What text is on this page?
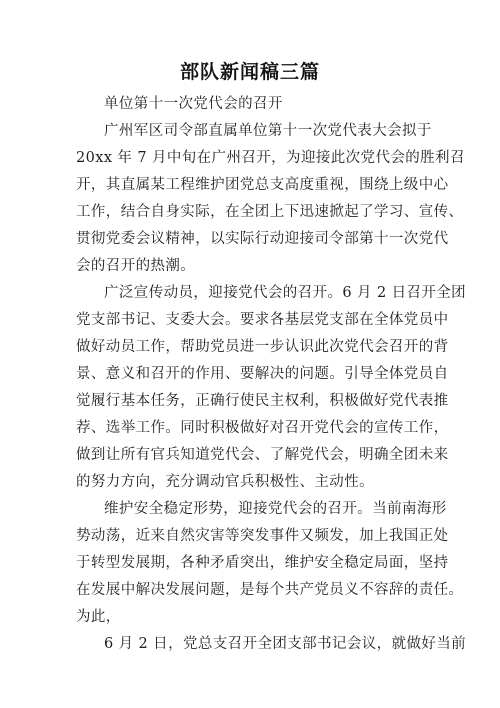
部队新闻稿三篇
单位第十一次党代会的召开
广州军区司令部直属单位第十一次党代表大会拟于
20xx 年 7 月中旬在广州召开，为迎接此次党代会的胜利召
开，其直属某工程维护团党总支高度重视，围绕上级中心
工作，结合自身实际，在全团上下迅速掀起了学习、宣传、
贯彻党委会议精神，以实际行动迎接司令部第十一次党代
会的召开的热潮。
广泛宣传动员，迎接党代会的召开。6 月 2 日召开全团
党支部书记、支委大会。要求各基层党支部在全体党员中
做好动员工作，帮助党员进一步认识此次党代会召开的背
景、意义和召开的作用、要解决的问题。引导全体党员自
觉履行基本任务，正确行使民主权利，积极做好党代表推
荐、选举工作。同时积极做好对召开党代会的宣传工作，
做到让所有官兵知道党代会、了解党代会，明确全团未来
的努力方向，充分调动官兵积极性、主动性。
维护安全稳定形势，迎接党代会的召开。当前南海形
势动荡，近来自然灾害等突发事件又频发，加上我国正处
于转型发展期，各种矛盾突出，维护安全稳定局面，坚持
在发展中解决发展问题，是每个共产党员义不容辞的责任。
为此，
6 月 2 日，党总支召开全团支部书记会议，就做好当前
